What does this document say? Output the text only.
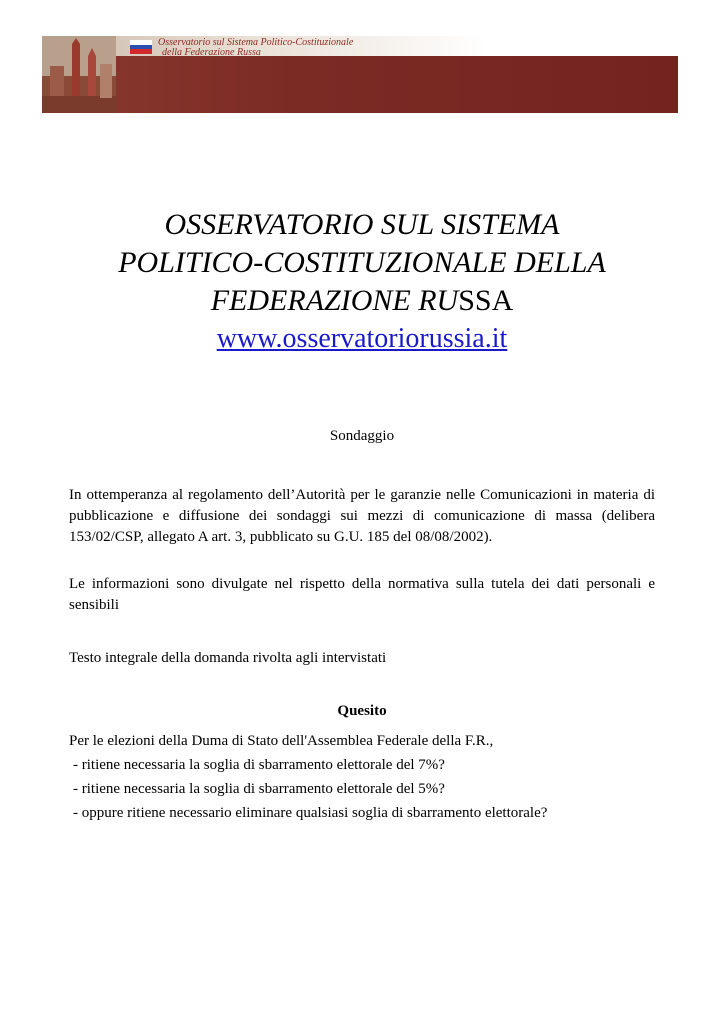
Osservatorio sul Sistema Politico-Costituzionale
della Federazione Russa
OSSERVATORIO SUL SISTEMA
POLITICO-COSTITUZIONALE DELLA
FEDERAZIONE RUSSA
www.osservatoriorussia.it
Sondaggio
In ottemperanza al regolamento dell’Autorità per le garanzie nelle Comunicazioni in materia di pubblicazione e diffusione dei sondaggi sui mezzi di comunicazione di massa (delibera 153/02/CSP, allegato A art. 3, pubblicato su G.U. 185 del 08/08/2002).
Le informazioni sono divulgate nel rispetto della normativa sulla tutela dei dati personali e sensibili
Testo integrale della domanda rivolta agli intervistati
Quesito
Per le elezioni della Duma di Stato dell'Assemblea Federale della F.R.,
- ritiene necessaria la soglia di sbarramento elettorale del 7%?
- ritiene necessaria la soglia di sbarramento elettorale del 5%?
- oppure ritiene necessario eliminare qualsiasi soglia di sbarramento elettorale?
